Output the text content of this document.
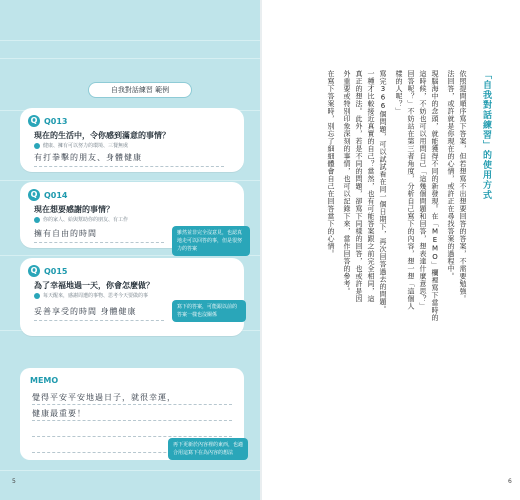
自我對話練習 範例
Q Q013
現在的生活中，令你感到滿意的事情？
健康、擁有可以努力的環境、三餐無虞
有打拳擊的朋友、身體健康
Q Q014
現在想要感謝的事情？
你的家人、給與幫助你的朋友、有工作
擁有自由的時間	雖然並非完全沒意見，也認真地走可以回答的事，但是很努力的答案
Q Q015
為了幸福地過一天，你會怎麼做？
每天醒來，感謝周遭的事物、思考今天要做的事
妥善享受的時間 身體健康	寫下的答案，可能跟以前的答案一樣也沒關係
MEMO
覺得平安平安地過日子，就很幸運，
健康最重要！
再下更新於內容裡的東西，也適合用這寫下在為內容的想法
5
「自我對話練習」的使用方式
依照提問順序寫下答案，但若想寫不出想要回答的答案，不需要勉強。
法回答，或許就是你現在的心情，或許正在尋找答案的過程中。
現腦海中的念頭，就能獲得不同的新發現。在「MEMO」欄裡寫下當時的
這時候，不妨也可以用問自己「這幾個問題和回答，想表達什麼意思？」
回答呢？」不妨站在第三者角度，分析自己寫下的內容，想一想「這個人
樣的人呢？」
寫完366個問題，可以試試看在同一個日期下，再次回答過去的問題。
一種才比較接近真實的自己？當然，也有可能答案跟之前完全相同，這
真正的想法。此外，若是不同的問題，卻寫下同樣的回答，也或許是因
外重要或特別印象深刻的事情，也可以記錄下來，當作回答的參考。
在寫下答案時，別忘了細細體會自己在回答當下的心情。
6
